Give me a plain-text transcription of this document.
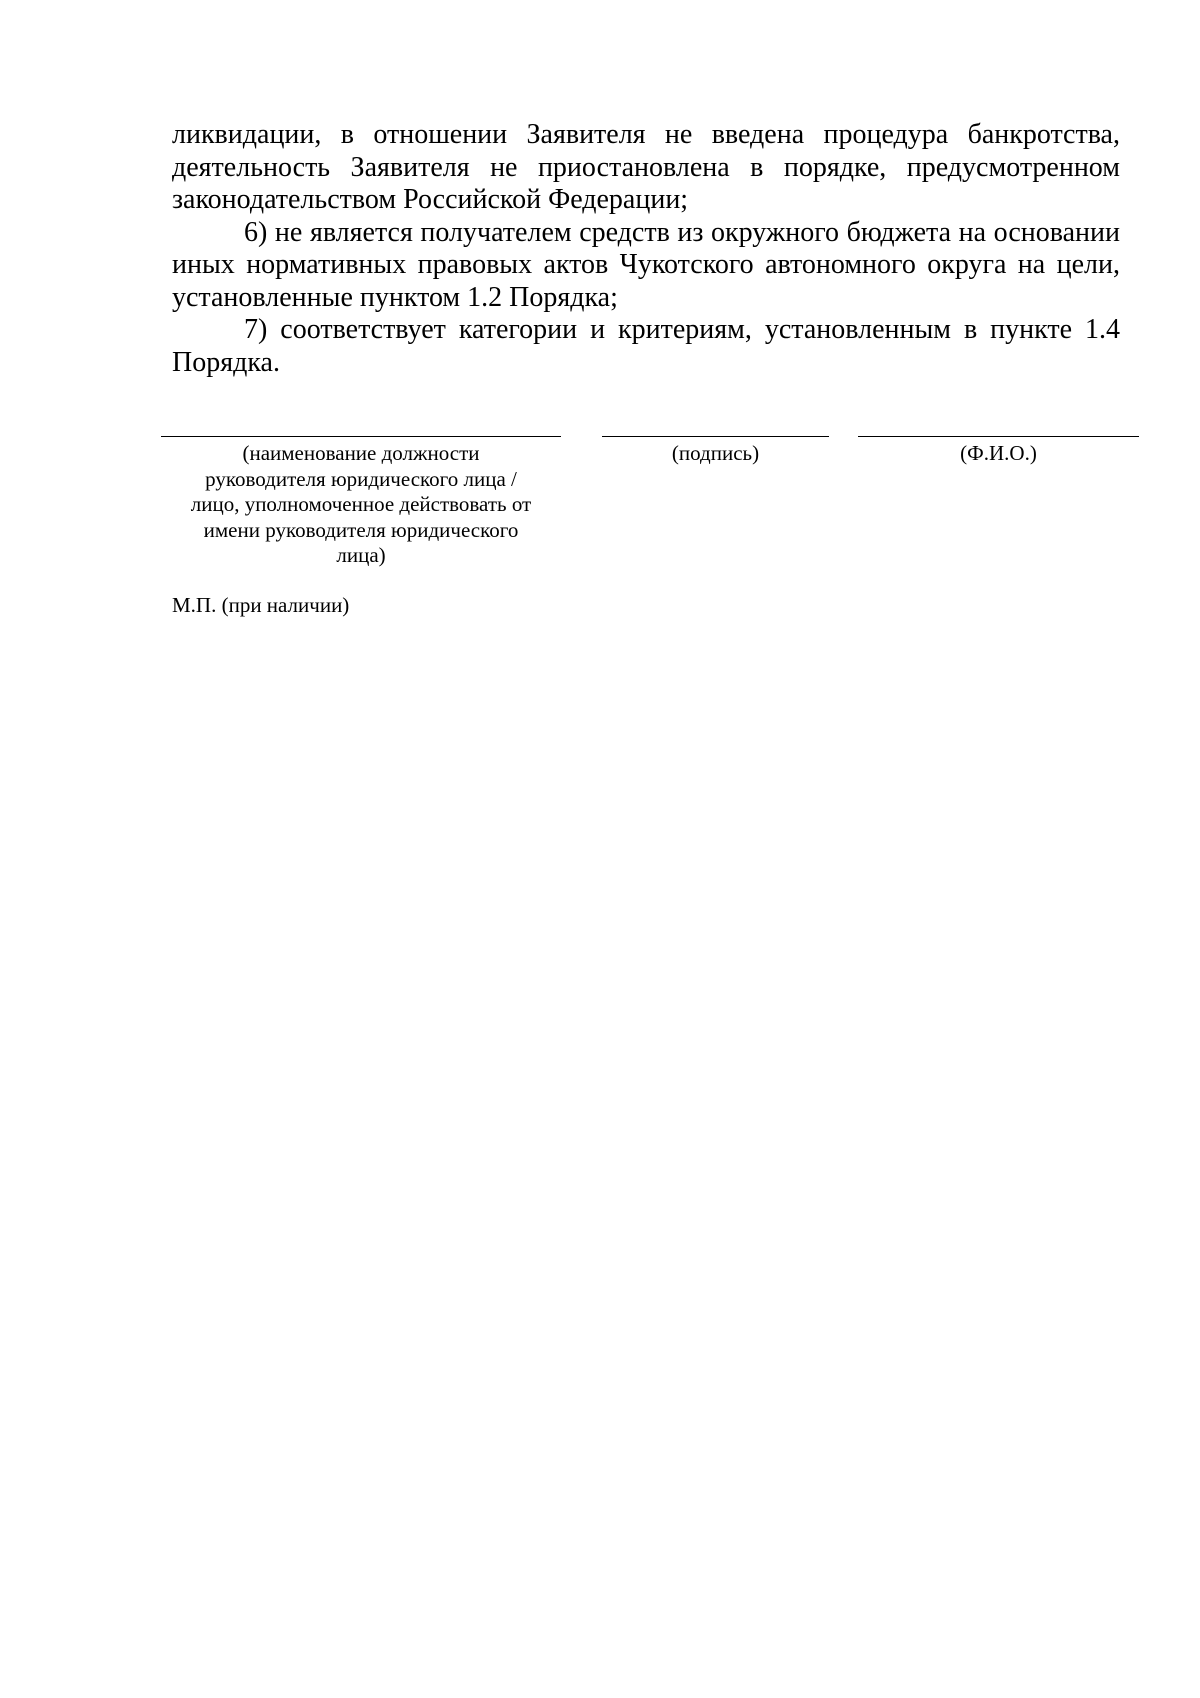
ликвидации, в отношении Заявителя не введена процедура банкротства, деятельность Заявителя не приостановлена в порядке, предусмотренном законодательством Российской Федерации;

6) не является получателем средств из окружного бюджета на основании иных нормативных правовых актов Чукотского автономного округа на цели, установленные пунктом 1.2 Порядка;

7) соответствует категории и критериям, установленным в пункте 1.4 Порядка.

(наименование должности
руководителя юридического лица /
лицо, уполномоченное действовать от
имени руководителя юридического
лица)
(подпись)	(Ф.И.О.)
М.П. (при наличии)
